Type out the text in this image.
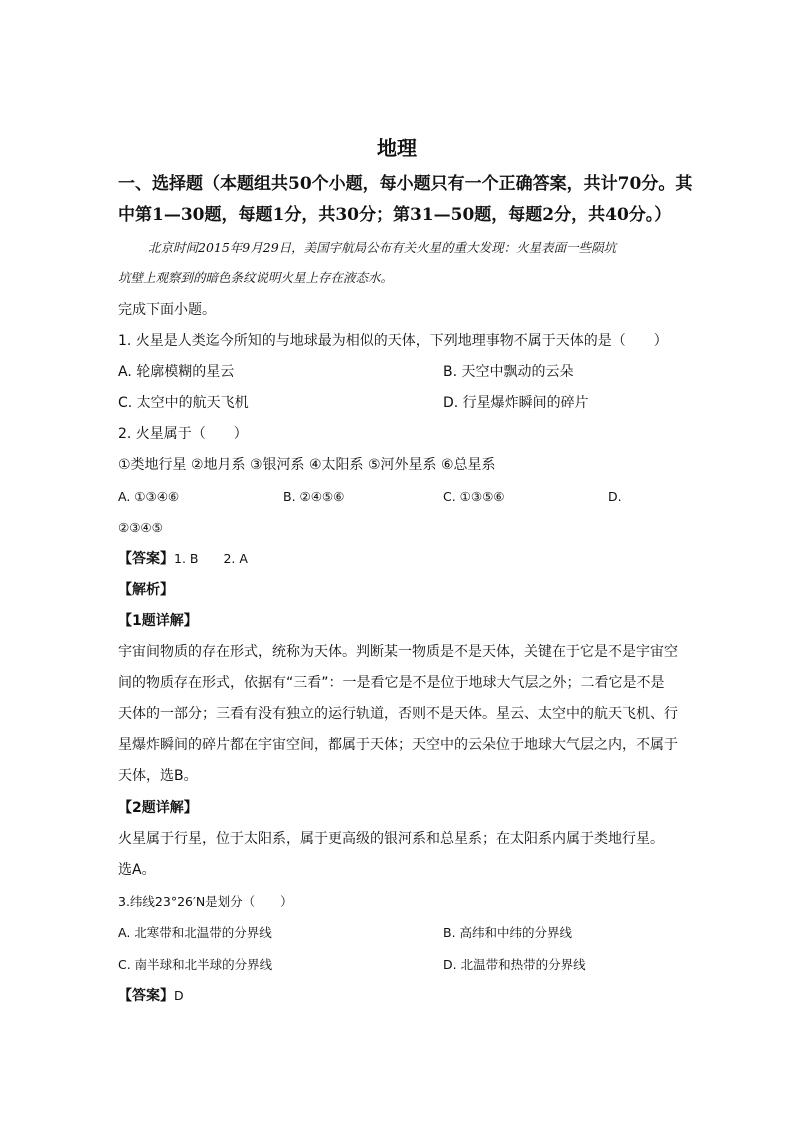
地理
一、选择题（本题组共50个小题，每小题只有一个正确答案，共计70分。其
中第1—30题，每题1分，共30分；第31—50题，每题2分，共40分。）
北京时间2015年9月29日，美国宇航局公布有关火星的重大发现：火星表面一些陨坑
坑壁上观察到的暗色条纹说明火星上存在液态水。
完成下面小题。
1. 火星是人类迄今所知的与地球最为相似的天体，下列地理事物不属于天体的是（　　）
A. 轮廓模糊的星云	B. 天空中飘动的云朵
C. 太空中的航天飞机	D. 行星爆炸瞬间的碎片
2. 火星属于（　　）
①类地行星 ②地月系 ③银河系 ④太阳系 ⑤河外星系 ⑥总星系
A. ①③④⑥	B. ②④⑤⑥	C. ①③⑤⑥	D.
②③④⑤
【答案】1. B　　2. A
【解析】
【1题详解】
宇宙间物质的存在形式，统称为天体。判断某一物质是不是天体，关键在于它是不是宇宙空
间的物质存在形式，依据有“三看”：一是看它是不是位于地球大气层之外；二看它是不是
天体的一部分；三看有没有独立的运行轨道，否则不是天体。星云、太空中的航天飞机、行
星爆炸瞬间的碎片都在宇宙空间，都属于天体；天空中的云朵位于地球大气层之内，不属于
天体，选B。
【2题详解】
火星属于行星，位于太阳系，属于更高级的银河系和总星系；在太阳系内属于类地行星。
选A。
3.纬线23°26′N是划分（　　）
A. 北寒带和北温带的分界线	B. 高纬和中纬的分界线
C. 南半球和北半球的分界线	D. 北温带和热带的分界线
【答案】D
